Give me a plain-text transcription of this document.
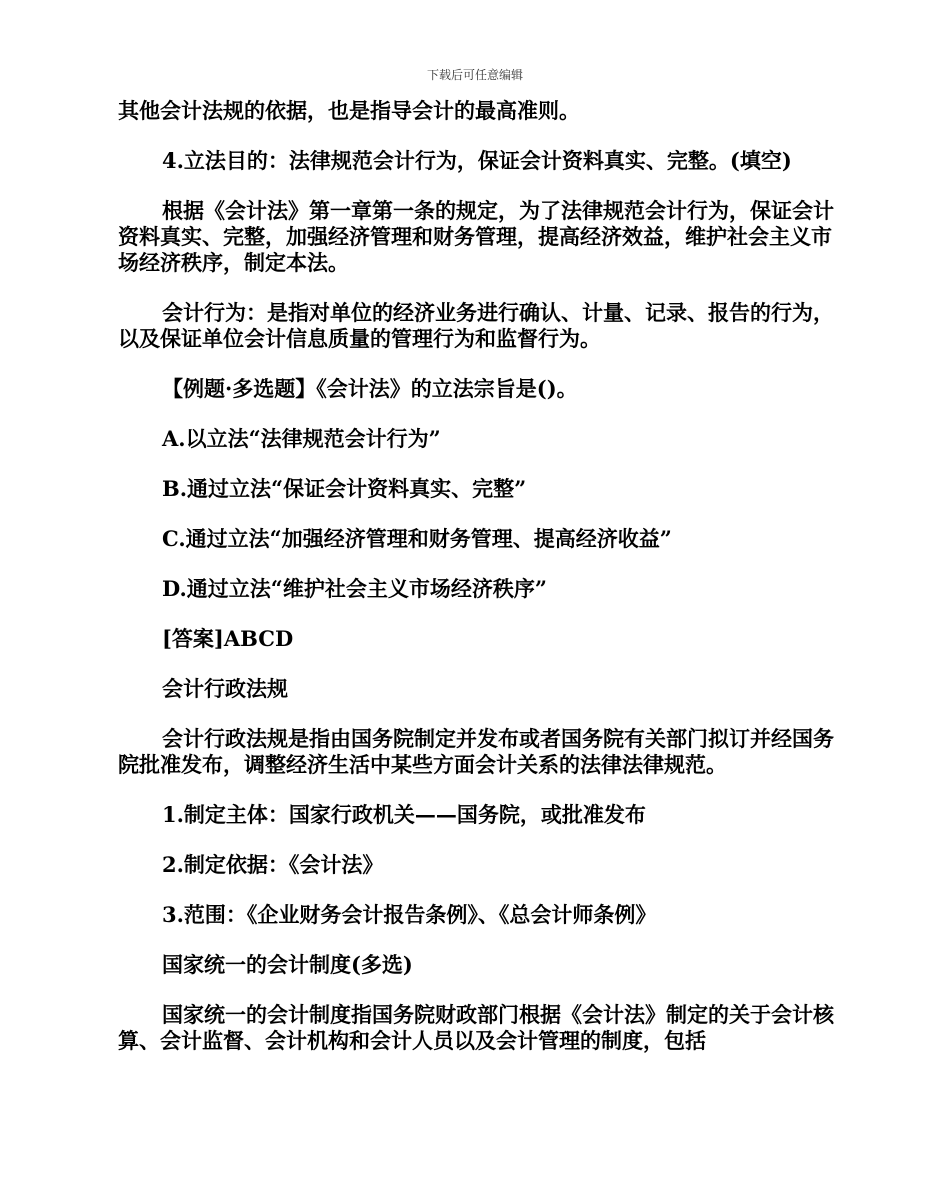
下载后可任意编辑

其他会计法规的依据，也是指导会计的最高准则。

4.立法目的：法律规范会计行为，保证会计资料真实、完整。(填空)

根据《会计法》第一章第一条的规定，为了法律规范会计行为，保证会计资料真实、完整，加强经济管理和财务管理，提高经济效益，维护社会主义市场经济秩序，制定本法。

会计行为：是指对单位的经济业务进行确认、计量、记录、报告的行为，以及保证单位会计信息质量的管理行为和监督行为。

【例题·多选题】《会计法》的立法宗旨是()。

A.以立法“法律规范会计行为”

B.通过立法“保证会计资料真实、完整”

C.通过立法“加强经济管理和财务管理、提高经济收益”

D.通过立法“维护社会主义市场经济秩序”

[答案]ABCD

会计行政法规

会计行政法规是指由国务院制定并发布或者国务院有关部门拟订并经国务院批准发布，调整经济生活中某些方面会计关系的法律法律规范。

1.制定主体：国家行政机关——国务院，或批准发布

2.制定依据：《会计法》

3.范围：《企业财务会计报告条例》、《总会计师条例》

国家统一的会计制度(多选)

国家统一的会计制度指国务院财政部门根据《会计法》制定的关于会计核算、会计监督、会计机构和会计人员以及会计管理的制度，包括
